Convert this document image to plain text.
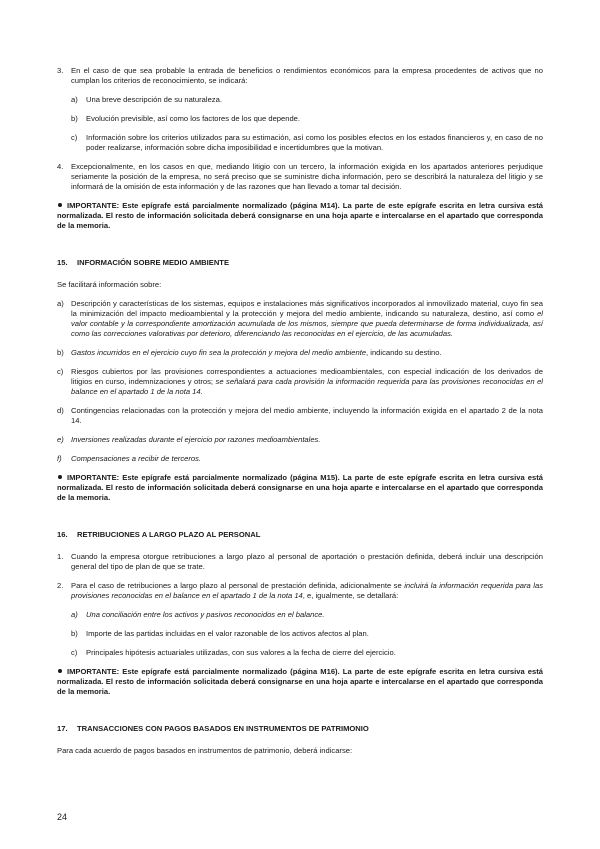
3.	En el caso de que sea probable la entrada de beneficios o rendimientos económicos para la empresa procedentes de activos que no cumplan los criterios de reconocimiento, se indicará:
a)	Una breve descripción de su naturaleza.
b)	Evolución previsible, así como los factores de los que depende.
c)	Información sobre los criterios utilizados para su estimación, así como los posibles efectos en los estados financieros y, en caso de no poder realizarse, información sobre dicha imposibilidad e incertidumbres que la motivan.
4.	Excepcionalmente, en los casos en que, mediando litigio con un tercero, la información exigida en los apartados anteriores perjudique seriamente la posición de la empresa, no será preciso que se suministre dicha información, pero se describirá la naturaleza del litigio y se informará de la omisión de esta información y de las razones que han llevado a tomar tal decisión.

IMPORTANTE: Este epígrafe está parcialmente normalizado (página M14). La parte de este epígrafe escrita en letra cursiva está normalizada. El resto de información solicitada deberá consignarse en una hoja aparte e intercalarse en el apartado que corresponda de la memoria.

15. INFORMACIÓN SOBRE MEDIO AMBIENTE

Se facilitará información sobre:

a) Descripción y características de los sistemas, equipos e instalaciones más significativos incorporados al inmovilizado material, cuyo fin sea la minimización del impacto medioambiental y la protección y mejora del medio ambiente, indicando su naturaleza, destino, así como el valor contable y la correspondiente amortización acumulada de los mismos, siempre que pueda determinarse de forma individualizada, así como las correcciones valorativas por deterioro, diferenciando las reconocidas en el ejercicio, de las acumuladas.
b) Gastos incurridos en el ejercicio cuyo fin sea la protección y mejora del medio ambiente, indicando su destino.
c)	Riesgos cubiertos por las provisiones correspondientes a actuaciones medioambientales, con especial indicación de los derivados de litigios en curso, indemnizaciones y otros; se señalará para cada provisión la información requerida para las provisiones reconocidas en el balance en el apartado 1 de la nota 14.
d) Contingencias relacionadas con la protección y mejora del medio ambiente, incluyendo la información exigida en el apartado 2 de la nota 14.
e) Inversiones realizadas durante el ejercicio por razones medioambientales.
f)	Compensaciones a recibir de terceros.

IMPORTANTE: Este epígrafe está parcialmente normalizado (página M15). La parte de este epígrafe escrita en letra cursiva está normalizada. El resto de información solicitada deberá consignarse en una hoja aparte e intercalarse en el apartado que corresponda de la memoria.

16. RETRIBUCIONES A LARGO PLAZO AL PERSONAL
1.	Cuando la empresa otorgue retribuciones a largo plazo al personal de aportación o prestación definida, deberá incluir una descripción general del tipo de plan de que se trate.
2.	Para el caso de retribuciones a largo plazo al personal de prestación definida, adicionalmente se incluirá la información requerida para las provisiones reconocidas en el balance en el apartado 1 de la nota 14, e, igualmente, se detallará:
a)	Una conciliación entre los activos y pasivos reconocidos en el balance.
b)	Importe de las partidas incluidas en el valor razonable de los activos afectos al plan.
c)	Principales hipótesis actuariales utilizadas, con sus valores a la fecha de cierre del ejercicio.

IMPORTANTE: Este epígrafe está parcialmente normalizado (página M16). La parte de este epígrafe escrita en letra cursiva está normalizada. El resto de información solicitada deberá consignarse en una hoja aparte e intercalarse en el apartado que corresponda de la memoria.

17. TRANSACCIONES CON PAGOS BASADOS EN INSTRUMENTOS DE PATRIMONIO

Para cada acuerdo de pagos basados en instrumentos de patrimonio, deberá indicarse:

24
